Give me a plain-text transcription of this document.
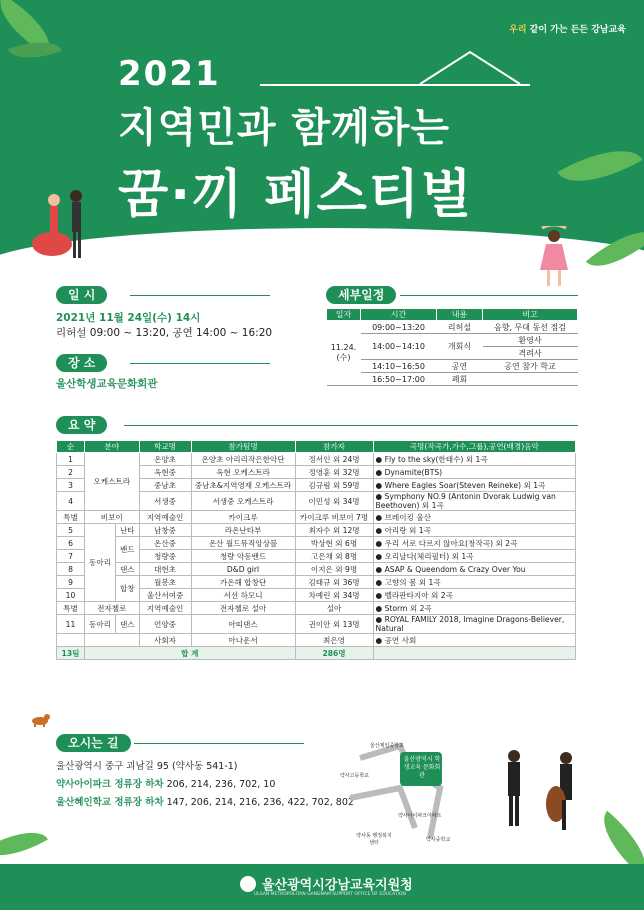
우리 같이 가는 든든 강남교육
2021
지역민과 함께하는
꿈·끼 페스티벌
일 시
2021년 11월 24일(수) 14시
리허설 09:00 ~ 13:20, 공연 14:00 ~ 16:20
장 소
울산학생교육문화회관
세부일정
일자	시간	내용	비고
11.24.(수)	09:00~13:20	리허설	음향, 무대 동선 점검
	14:00~14:10	개회식	환영사
			격려사
	14:10~16:50	공연	공연 참가 학교
	16:50~17:00	폐회	
요 약
순	분야		학교명	참가팀명	참가자	곡명(작곡가,가수,그룹),공연(배경)음악
1	오케스트라		온양초	온양초 아리리작은한악단	정서인 외 24명	● Fly to the sky(한태수) 외 1곡
2			옥현중	옥현 오케스트라	정영훈 외 32명	● Dynamite(BTS)
3			중남초	중남초&지역영재 오케스트라	김규림 외 59명	● Where Eagles Soar(Steven Reineke) 외 1곡
4			서생중	서생중 오케스트라	이민성 외 34명	● Symphony NO.9 (Antonin Dvorak Ludwig van Beethoven) 외 1곡
특별	비보이		지역예술인	카이크루	카이크루 비보이 7명	● 브레이킹 울산
5	동아리	난타	남창중	라온난타부	최자수 외 12명	● 아리랑 외 1곡
6		밴드	온산중	온산 월드뮤직앙상블	박상현 외 6명	● 우리 서로 다르지 않아요(창작곡) 외 2곡
7			청량중	청량 악동밴드	고은채 외 8명	● 오리날다(체리필터) 외 1곡
8		댄스	대현초	D&D girl	이지은 외 9명	● ASAP & Queendom & Crazy Over You
9		합창	월봉초	가온해 합창단	김태규 외 36명	● 고향의 봄 외 1곡
10			울산서여중	서선 하모니	차예린 외 34명	● 벨라판타지아 외 2곡
특별	전자첼로		지역예술인	전자첼로 설아	설아	● Storm 외 2곡
11	동아리	댄스	언양중	아띠댄스	권이안 외 13명	● ROYAL FAMILY 2018, Imagine Dragons-Believer, Natural
			사회자	아나운서	최은영	● 공연 사회
13팀	합 계				286명	
오시는 길
울산광역시 중구 괴남길 95 (약사동 541-1)
약사아이파크 정류장 하차 206, 214, 236, 702, 10
울산혜인학교 정류장 하차 147, 206, 214, 216, 236, 422, 702, 802
울산제일중학교
약사고등학교
울산광역시 학생교육 문화회관
약사아이파크아파트
약사동 행정복지센터	약사중학교
울산광역시강남교육지원청
ULSAN METROPOLITAN GANGNAM SUPPORT OFFICE OF EDUCATION
